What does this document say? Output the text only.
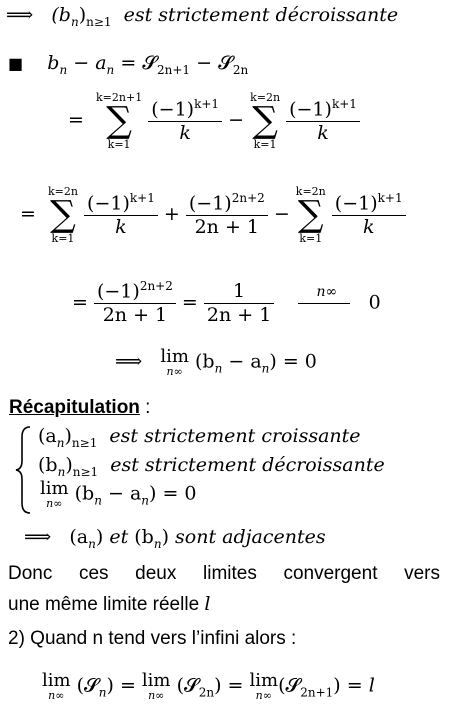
⟹ $(b_n)_{n\ge 1}$ est strictement décroissante
■ $b_n - a_n$ = 𝓢$_{2n+1}$ − 𝓢$_{2n}$
=  k=2n+1
∑
k=1
$\frac{(-1)^{k+1}}{k} - k=2n$
∑
k=1
$\frac{(-1)^{k+1}}{k}$
=  k=2n
∑
k=1
$\frac{(-1)^{k+1}}{k} + \frac{(-1)^{2n+2}}{2n + 1} - k=2n$
∑
k=1
$\frac{(-1)^{k+1}}{k}$
= $\frac{(-1)^{2n+2}}{2n + 1} = \frac{1}{2n + 1}$
	n∞ 0
⟹ lim
n∞ $(b_n - a_n) = 0$
Récapitulation :
$(a_n)_{n\ge 1}$ est strictement croissante
$(b_n)_{n\ge 1}$ est strictement décroissante
lim
n∞ $(b_n - a_n) = 0$
⟹ $(a_n)$ et $(b_n)$ sont adjacentes
Donc ces deux limites convergent vers
une même limite réelle l
2) Quand n tend vers l’infini alors :
lim
n∞ (𝓢$_n$) = lim
n∞ (𝓢$_{2n}$) = lim
n∞ (𝓢$_{2n+1}$) = l
